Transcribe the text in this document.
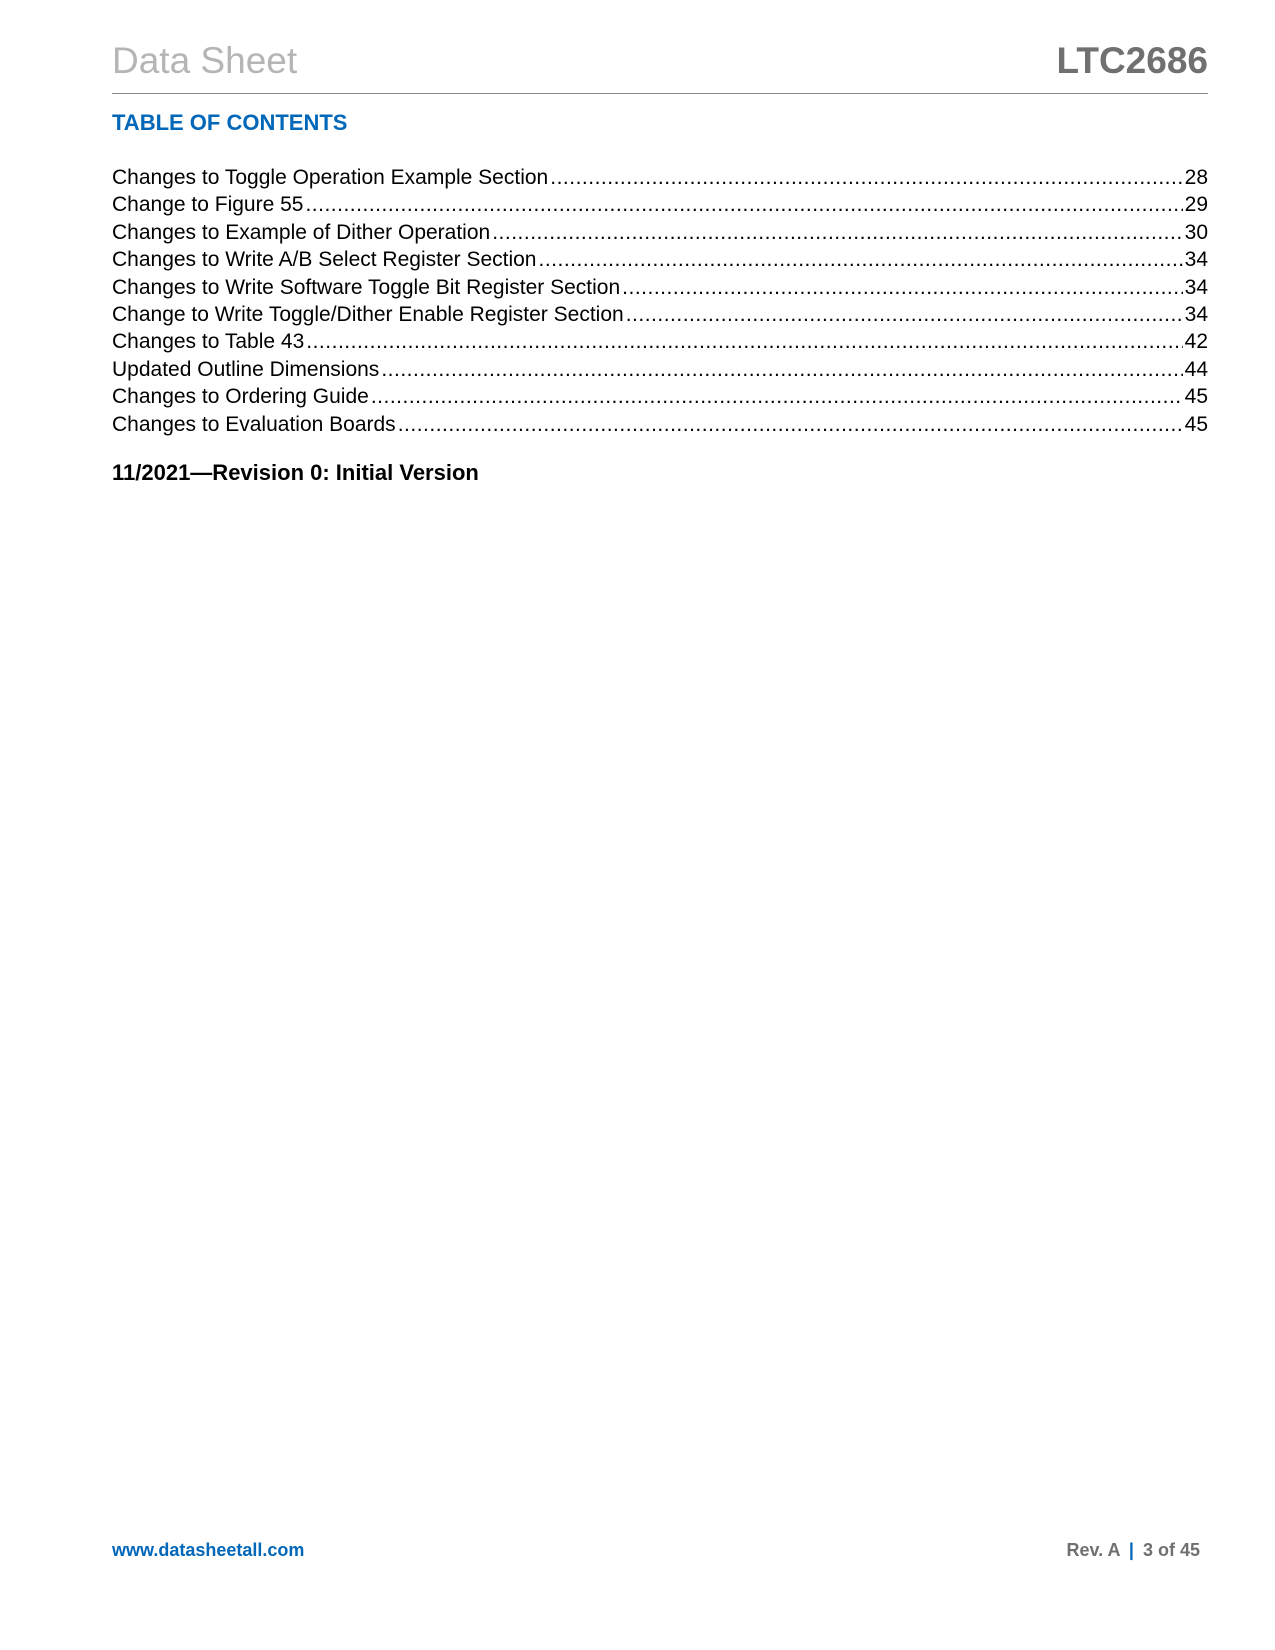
Data Sheet	LTC2686
TABLE OF CONTENTS
Changes to Toggle Operation Example Section .....	28
Change to Figure 55 .....	29
Changes to Example of Dither Operation .....	30
Changes to Write A/B Select Register Section .....	34
Changes to Write Software Toggle Bit Register Section .....	34
Change to Write Toggle/Dither Enable Register Section .....	34
Changes to Table 43 .....	42
Updated Outline Dimensions .....	44
Changes to Ordering Guide .....	45
Changes to Evaluation Boards .....	45
11/2021—Revision 0: Initial Version
www.datasheetall.com	Rev. A | 3 of 45
